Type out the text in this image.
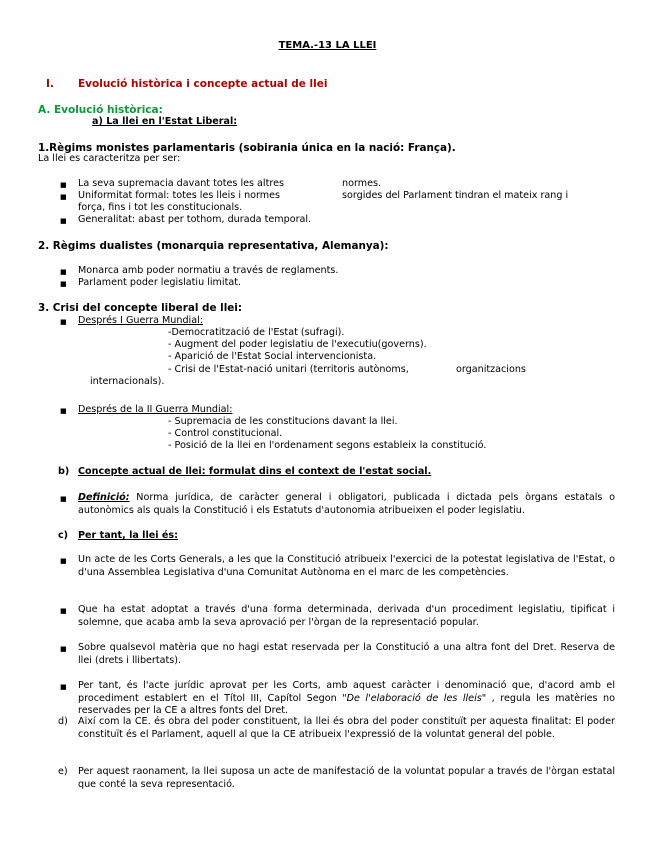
TEMA.-13 LA LLEI
I. Evolució històrica i concepte actual de llei
A. Evolució històrica:
a) La llei en l'Estat Liberal:
1.Règims monistes parlamentaris (sobirania única en la nació: França).
La llei es caracteritza per ser:
■ La seva supremacia davant totes les altres	normes.
■ Uniformitat formal: totes les lleis i normes	sorgides del Parlament tindran el mateix rang i
força, fins i tot les constitucionals.
■ Generalitat: abast per tothom, durada temporal.
2. Règims dualistes (monarquia representativa, Alemanya):
■ Monarca amb poder normatiu a través de reglaments.
■ Parlament poder legislatiu limitat.
3. Crisi del concepte liberal de llei:
■ Després I Guerra Mundial:
-Democratització de l'Estat (sufragi).
- Augment del poder legislatiu de l'executiu(governs).
- Aparició de l'Estat Social intervencionista.
- Crisi de l'Estat-nació unitari (territoris autònoms,	organitzacions
internacionals).
■ Després de la II Guerra Mundial:
- Supremacia de les constitucions davant la llei.
- Control constitucional.
- Posició de la llei en l'ordenament segons estableix la constitució.
b) Concepte actual de llei: formulat dins el context de l'estat social.
■ Definició: Norma jurídica, de caràcter general i obligatori, publicada i dictada pels òrgans estatals o autonòmics als quals la Constitució i els Estatuts d'autonomia atribueixen el poder legislatiu.
c) Per tant, la llei és:
■ Un acte de les Corts Generals, a les que la Constitució atribueix l'exercici de la potestat legislativa de l'Estat, o d'una Assemblea Legislativa d'una Comunitat Autònoma en el marc de les competències.
■ Que ha estat adoptat a través d'una forma determinada, derivada d'un procediment legislatiu, tipificat i solemne, que acaba amb la seva aprovació per l'òrgan de la representació popular.
■ Sobre qualsevol matèria que no hagi estat reservada per la Constitució a una altra font del Dret. Reserva de llei (drets i llibertats).
■ Per tant, és l'acte jurídic aprovat per les Corts, amb aquest caràcter i denominació que, d'acord amb el procediment establert en el Títol III, Capítol Segon "De l'elaboració de les lleis" , regula les matèries no reservades per la CE a altres fonts del Dret.
d) Així com la CE. és obra del poder constituent, la llei és obra del poder constituït per aquesta finalitat: El poder constituït és el Parlament, aquell al que la CE atribueix l'expressió de la voluntat general del poble.
e) Per aquest raonament, la llei suposa un acte de manifestació de la voluntat popular a través de l'òrgan estatal que conté la seva representació.
